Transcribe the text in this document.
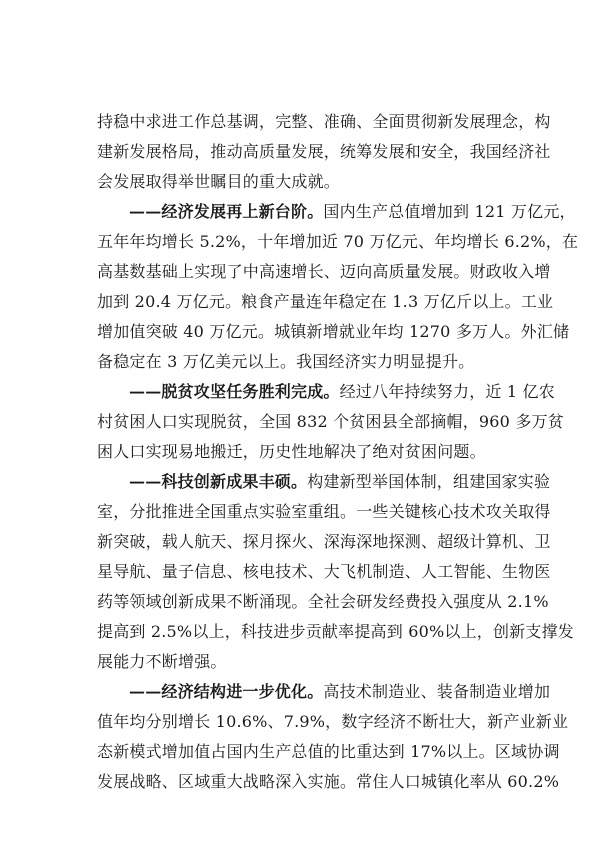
持稳中求进工作总基调，完整、准确、全面贯彻新发展理念，构
建新发展格局，推动高质量发展，统筹发展和安全，我国经济社
会发展取得举世瞩目的重大成就。
——经济发展再上新台阶。国内生产总值增加到 121 万亿元，
五年年均增长 5.2%，十年增加近 70 万亿元、年均增长 6.2%，在
高基数基础上实现了中高速增长、迈向高质量发展。财政收入增
加到 20.4 万亿元。粮食产量连年稳定在 1.3 万亿斤以上。工业
增加值突破 40 万亿元。城镇新增就业年均 1270 多万人。外汇储
备稳定在 3 万亿美元以上。我国经济实力明显提升。
——脱贫攻坚任务胜利完成。经过八年持续努力，近 1 亿农
村贫困人口实现脱贫，全国 832 个贫困县全部摘帽，960 多万贫
困人口实现易地搬迁，历史性地解决了绝对贫困问题。
——科技创新成果丰硕。构建新型举国体制，组建国家实验
室，分批推进全国重点实验室重组。一些关键核心技术攻关取得
新突破，载人航天、探月探火、深海深地探测、超级计算机、卫
星导航、量子信息、核电技术、大飞机制造、人工智能、生物医
药等领域创新成果不断涌现。全社会研发经费投入强度从 2.1%
提高到 2.5%以上，科技进步贡献率提高到 60%以上，创新支撑发
展能力不断增强。
——经济结构进一步优化。高技术制造业、装备制造业增加
值年均分别增长 10.6%、7.9%，数字经济不断壮大，新产业新业
态新模式增加值占国内生产总值的比重达到 17%以上。区域协调
发展战略、区域重大战略深入实施。常住人口城镇化率从 60.2%
